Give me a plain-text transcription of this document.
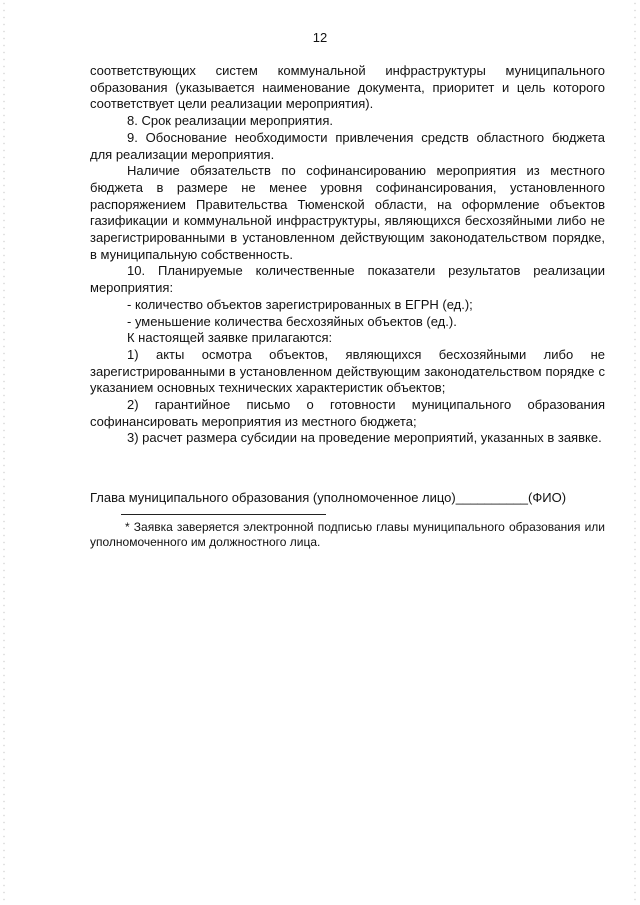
12

соответствующих систем коммунальной инфраструктуры муниципального образования (указывается наименование документа, приоритет и цель которого соответствует цели реализации мероприятия).

8. Срок реализации мероприятия.

9. Обоснование необходимости привлечения средств областного бюджета для реализации мероприятия.

Наличие обязательств по софинансированию мероприятия из местного бюджета в размере не менее уровня софинансирования, установленного распоряжением Правительства Тюменской области, на оформление объектов газификации и коммунальной инфраструктуры, являющихся бесхозяйными либо не зарегистрированными в установленном действующим законодательством порядке, в муниципальную собственность.

10. Планируемые количественные показатели результатов реализации мероприятия:

- количество объектов зарегистрированных в ЕГРН (ед.);

- уменьшение количества бесхозяйных объектов (ед.).

К настоящей заявке прилагаются:

1) акты осмотра объектов, являющихся бесхозяйными либо не зарегистрированными в установленном действующим законодательством порядке с указанием основных технических характеристик объектов;

2) гарантийное письмо о готовности муниципального образования софинансировать мероприятия из местного бюджета;

3) расчет размера субсидии на проведение мероприятий, указанных в заявке.

Глава муниципального образования (уполномоченное лицо)__________(ФИО)

* Заявка заверяется электронной подписью главы муниципального образования или уполномоченного им должностного лица.
